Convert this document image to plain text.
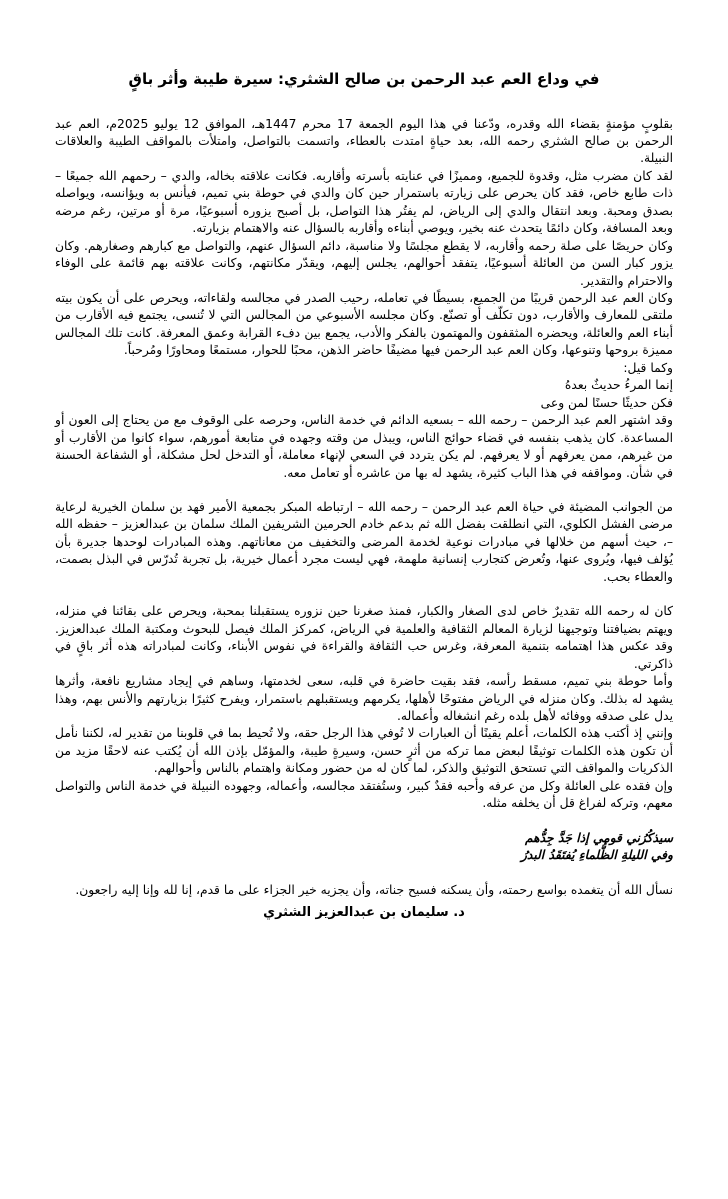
في وداع العم عبد الرحمن بن صالح الشثري: سيرة طيبة وأثر باقٍ

بقلوبٍ مؤمنةٍ بقضاء الله وقدره، ودّعنا في هذا اليوم الجمعة 17 محرم 1447هـ، الموافق 12 يوليو 2025م، العم عبد الرحمن بن صالح الشثري رحمه الله، بعد حياةٍ امتدت بالعطاء، واتسمت بالتواصل، وامتلأت بالمواقف الطيبة والعلاقات النبيلة.

لقد كان مضرب مثل، وقدوة للجميع، ومميزًا في عنايته بأسرته وأقاربه. فكانت علاقته بخاله، والدي – رحمهم الله جميعًا – ذات طابع خاص، فقد كان يحرص على زيارته باستمرار حين كان والدي في حوطة بني تميم، فيأنس به ويؤانسه، ويواصله بصدق ومحبة. وبعد انتقال والدي إلى الرياض، لم يفتُر هذا التواصل، بل أصبح يزوره أسبوعيًا، مرة أو مرتين، رغم مرضه وبعد المسافة، وكان دائمًا يتحدث عنه بخير، ويوصي أبناءه وأقاربه بالسؤال عنه والاهتمام بزيارته.

وكان حريصًا على صلة رحمه وأقاربه، لا يقطع مجلسًا ولا مناسبة، دائم السؤال عنهم، والتواصل مع كبارهم وصغارهم. وكان يزور كبار السن من العائلة أسبوعيًا، يتفقد أحوالهم، يجلس إليهم، ويقدّر مكانتهم، وكانت علاقته بهم قائمة على الوفاء والاحترام والتقدير.

وكان العم عبد الرحمن قريبًا من الجميع، بسيطًا في تعامله، رحيب الصدر في مجالسه ولقاءاته، ويحرص على أن يكون بيته ملتقى للمعارف والأقارب، دون تكلّف أو تصنّع. وكان مجلسه الأسبوعي من المجالس التي لا تُنسى، يجتمع فيه الأقارب من أبناء العم والعائلة، ويحضره المثقفون والمهتمون بالفكر والأدب، يجمع بين دفء القرابة وعمق المعرفة. كانت تلك المجالس مميزة بروحها وتنوعها، وكان العم عبد الرحمن فيها مضيفًا حاضر الذهن، محبًا للحوار، مستمعًا ومحاورًا ومُرحباً.

وكما قيل:
إنما المرءُ حديثٌ بعدهُ
فكن حديثًا حسنًا لمن وعى

وقد اشتهر العم عبد الرحمن – رحمه الله – بسعيه الدائم في خدمة الناس، وحرصه على الوقوف مع من يحتاج إلى العون أو المساعدة. كان يذهب بنفسه في قضاء حوائج الناس، ويبذل من وقته وجهده في متابعة أمورهم، سواء كانوا من الأقارب أو من غيرهم، ممن يعرفهم أو لا يعرفهم. لم يكن يتردد في السعي لإنهاء معاملة، أو التدخل لحل مشكلة، أو الشفاعة الحسنة في شأن. ومواقفه في هذا الباب كثيرة، يشهد له بها من عاشره أو تعامل معه.

من الجوانب المضيئة في حياة العم عبد الرحمن – رحمه الله – ارتباطه المبكر بجمعية الأمير فهد بن سلمان الخيرية لرعاية مرضى الفشل الكلوي، التي انطلقت بفضل الله ثم بدعم خادم الحرمين الشريفين الملك سلمان بن عبدالعزيز – حفظه الله –، حيث أسهم من خلالها في مبادرات نوعية لخدمة المرضى والتخفيف من معاناتهم. وهذه المبادرات لوحدها جديرة بأن يُؤلف فيها، ويُروى عنها، وتُعرض كتجارب إنسانية ملهمة، فهي ليست مجرد أعمال خيرية، بل تجربة تُدرّس في البذل بصمت، والعطاء بحب.

كان له رحمه الله تقديرٌ خاص لدى الصغار والكبار، فمنذ صغرنا حين نزوره يستقبلنا بمحبة، ويحرص على بقائنا في منزله، ويهتم بضيافتنا وتوجيهنا لزيارة المعالم الثقافية والعلمية في الرياض، كمركز الملك فيصل للبحوث ومكتبة الملك عبدالعزيز. وقد عكس هذا اهتمامه بتنمية المعرفة، وغرس حب الثقافة والقراءة في نفوس الأبناء، وكانت لمبادراته هذه أثر باقٍ في ذاكرتي.

وأما حوطة بني تميم، مسقط رأسه، فقد بقيت حاضرة في قلبه، سعى لخدمتها، وساهم في إيجاد مشاريع نافعة، وأثرها يشهد له بذلك. وكان منزله في الرياض مفتوحًا لأهلها، يكرمهم ويستقبلهم باستمرار، ويفرح كثيرًا بزيارتهم والأنس بهم، وهذا يدل على صدقه ووفائه لأهل بلده رغم انشغاله وأعماله.

وإنني إذ أكتب هذه الكلمات، أعلم يقينًا أن العبارات لا تُوفي هذا الرجل حقه، ولا تُحيط بما في قلوبنا من تقدير له، لكننا نأمل أن تكون هذه الكلمات توثيقًا لبعض مما تركه من أثرٍ حسن، وسيرةٍ طيبة، والمؤمّل بإذن الله أن يُكتب عنه لاحقًا مزيد من الذكريات والمواقف التي تستحق التوثيق والذكر، لما كان له من حضور ومكانة واهتمام بالناس وأحوالهم.

وإن فقده على العائلة وكل من عرفه وأحبه فقدٌ كبير، وستُفتقد مجالسه، وأعماله، وجهوده النبيلة في خدمة الناس والتواصل معهم، وتركه لفراغ قل أن يخلفه مثله.

سيذكُرُني قومي إذا جَدَّ جِدُّهم
وفي الليلةِ الظُّلماءِ يُفتَقَدُ البدرُ

نسأل الله أن يتغمده بواسع رحمته، وأن يسكنه فسيح جناته، وأن يجزيه خير الجزاء على ما قدم، إنا لله وإنا إليه راجعون.

د. سليمان بن عبدالعزيز الشثري
